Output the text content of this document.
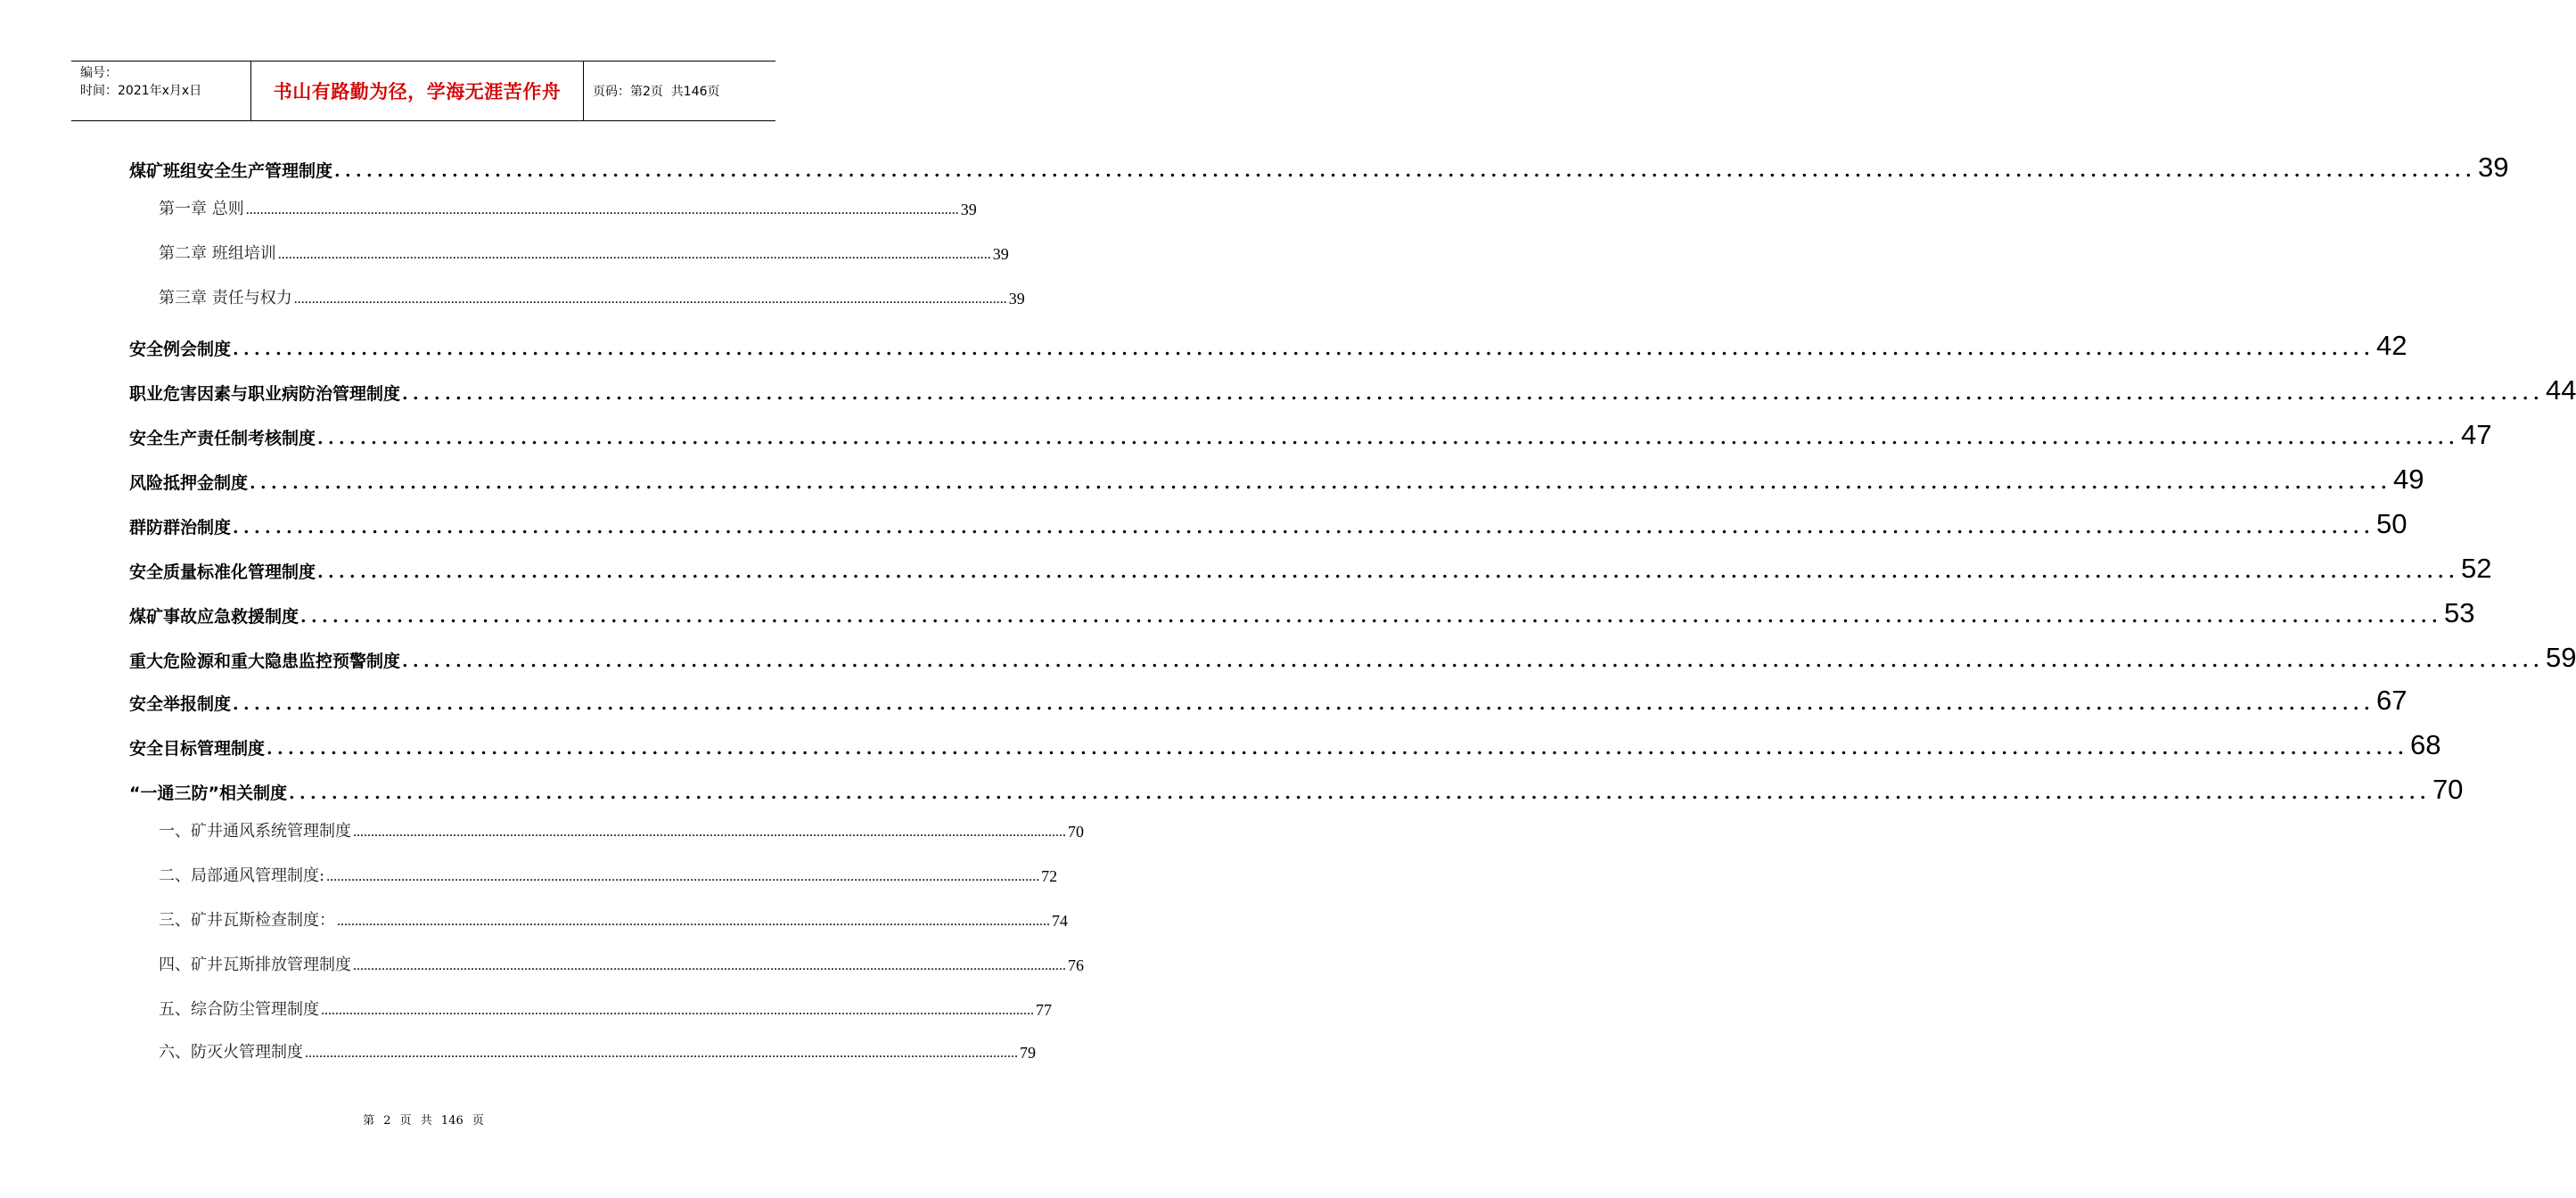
编号：
时间：2021年x月x日	书山有路勤为径，学海无涯苦作舟	页码：第2页  共146页
煤矿班组安全生产管理制度 ........................................................................................................................................................................................................ 39
第一章 总则 ........................................................................................................................................................................................................ 39
第二章 班组培训 ........................................................................................................................................................................................................ 39
第三章 责任与权力 ........................................................................................................................................................................................................ 39
安全例会制度 ........................................................................................................................................................................................................ 42
职业危害因素与职业病防治管理制度 ........................................................................................................................................................................................................ 44
安全生产责任制考核制度 ........................................................................................................................................................................................................ 47
风险抵押金制度 ........................................................................................................................................................................................................ 49
群防群治制度 ........................................................................................................................................................................................................ 50
安全质量标准化管理制度 ........................................................................................................................................................................................................ 52
煤矿事故应急救援制度 ........................................................................................................................................................................................................ 53
重大危险源和重大隐患监控预警制度 ........................................................................................................................................................................................................ 59
安全举报制度 ........................................................................................................................................................................................................ 67
安全目标管理制度 ........................................................................................................................................................................................................ 68
“一通三防”相关制度 ........................................................................................................................................................................................................ 70
一、矿井通风系统管理制度 ........................................................................................................................................................................................................ 70
二、局部通风管理制度: ........................................................................................................................................................................................................ 72
三、矿井瓦斯检查制度： ........................................................................................................................................................................................................ 74
四、矿井瓦斯排放管理制度 ........................................................................................................................................................................................................ 76
五、综合防尘管理制度 ........................................................................................................................................................................................................ 77
六、防灭火管理制度 ........................................................................................................................................................................................................ 79
第 2 页 共 146 页
